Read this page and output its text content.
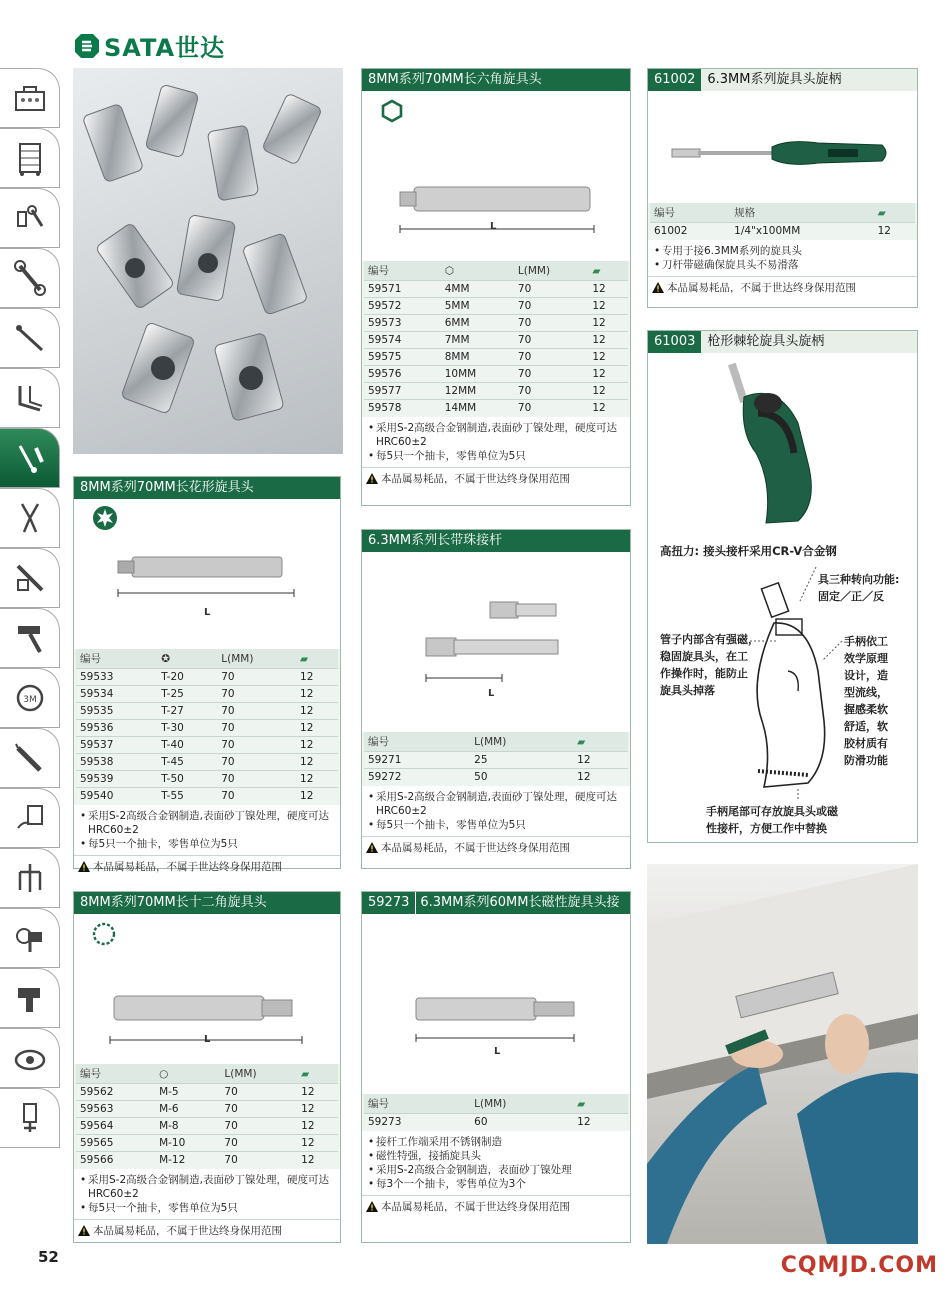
SATA世达
3M
8MM系列70MM长花形旋具头
L
编号	✪	L(MM)	▰
59533	T-20	70	12
59534	T-25	70	12
59535	T-27	70	12
59536	T-30	70	12
59537	T-40	70	12
59538	T-45	70	12
59539	T-50	70	12
59540	T-55	70	12
• 采用S-2高级合金钢制造,表面砂丁镍处理，硬度可达HRC60±2
• 每5只一个抽卡，零售单位为5只
本品属易耗品，不属于世达终身保用范围
8MM系列70MM长十二角旋具头
L
编号	○	L(MM)	▰
59562	M-5	70	12
59563	M-6	70	12
59564	M-8	70	12
59565	M-10	70	12
59566	M-12	70	12
• 采用S-2高级合金钢制造,表面砂丁镍处理，硬度可达HRC60±2
• 每5只一个抽卡，零售单位为5只
本品属易耗品，不属于世达终身保用范围
8MM系列70MM长六角旋具头
L
编号	⬡	L(MM)	▰
59571	4MM	70	12
59572	5MM	70	12
59573	6MM	70	12
59574	7MM	70	12
59575	8MM	70	12
59576	10MM	70	12
59577	12MM	70	12
59578	14MM	70	12
• 采用S-2高级合金钢制造,表面砂丁镍处理，硬度可达HRC60±2
• 每5只一个抽卡，零售单位为5只
本品属易耗品，不属于世达终身保用范围
6.3MM系列长带珠接杆
L
编号	L(MM)	▰
59271	25	12
59272	50	12
• 采用S-2高级合金钢制造,表面砂丁镍处理，硬度可达HRC60±2
• 每5只一个抽卡，零售单位为5只
本品属易耗品，不属于世达终身保用范围
59273 6.3MM系列60MM长磁性旋具头接杆
L
编号	L(MM)	▰
59273	60	12
• 接杆工作端采用不锈钢制造
• 磁性特强，接插旋具头
• 采用S-2高级合金钢制造，表面砂丁镍处理
• 每3个一个抽卡，零售单位为3个
本品属易耗品，不属于世达终身保用范围
61002 6.3MM系列旋具头旋柄
编号	规格	▰
61002	1/4"x100MM	12
• 专用于接6.3MM系列的旋具头
• 刀杆带磁确保旋具头不易滑落
本品属易耗品，不属于世达终身保用范围
61003 枪形棘轮旋具头旋柄
高扭力: 接头接杆采用CR-V合金钢
具三种转向功能:
固定／正／反
管子内部含有强磁，
稳固旋具头，在工
作操作时，能防止
旋具头掉落
手柄依工
效学原理
设计，造
型流线，
握感柔软
舒适，软
胶材质有
防滑功能
手柄尾部可存放旋具头或磁
性接杆，方便工作中替换
52	CQMJD.COM
